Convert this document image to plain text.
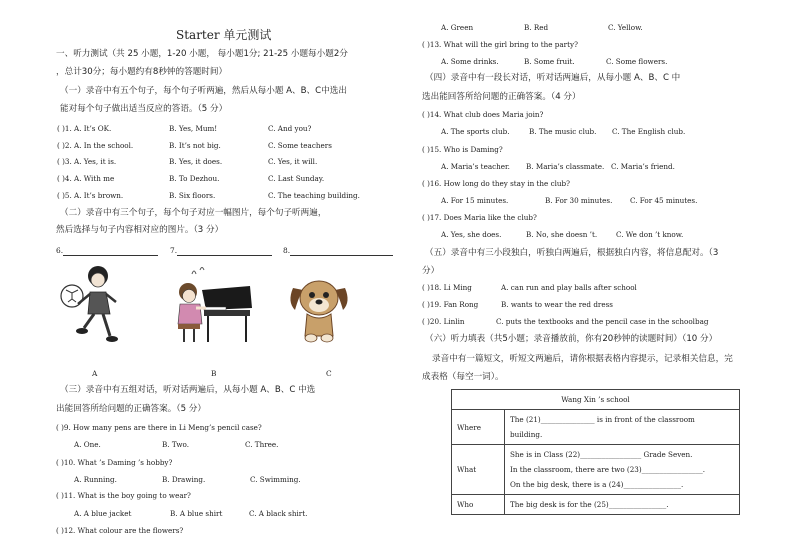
Starter 单元测试
一、听力测试（共 25 小题，1-20 小题， 每小题1分; 21-25 小题每小题2分
，总计30分；每小题约有8秒钟的答题时间）
（一）录音中有五个句子，每个句子听两遍，然后从每小题 A、B、C中选出
能对每个句子做出适当反应的答语。（5 分）
( )1. A. It’s OK.	B. Yes, Mum!	C. And you?
( )2. A. In the school.	B. It’s not big.	C. Some teachers
( )3. A. Yes, it is.	B. Yes, it does.	C. Yes, it will.
( )4. A. With me	B. To Dezhou.	C. Last Sunday.
( )5. A. It’s brown.	B. Six floors.	C. The teaching building.
（二）录音中有三个句子，每个句子对应一幅图片，每个句子听两遍，
然后选择与句子内容相对应的图片。（3 分）
6.	7.	8.
A	B	C
（三）录音中有五组对话，听对话两遍后，从每小题 A、B、C 中选
出能回答所给问题的正确答案。（5 分）
( )9. How many pens are there in Li Meng’s pencil case?
A. One.	B. Two.	C. Three.
( )10. What ’s Daming ’s hobby?
A. Running.	B. Drawing.	C. Swimming.
( )11. What is the boy going to wear?
A. A blue jacket	B. A blue shirt	C. A black shirt.
( )12. What colour are the flowers?
A. Green	B. Red	C. Yellow.
( )13. What will the girl bring to the party?
A. Some drinks.	B. Some fruit.	C. Some flowers.
（四）录音中有一段长对话，听对话两遍后，从每小题 A、B、C 中
选出能回答所给问题的正确答案。（4 分）
( )14. What club does Maria join?
A. The sports club.	B. The music club. C. The English club.
( )15. Who is Daming?
A. Maria’s teacher. B. Maria’s classmate. C. Maria’s friend.
( )16. How long do they stay in the club?
A. For 15 minutes.	B. For 30 minutes. C. For 45 minutes.
( )17. Does Maria like the club?
A. Yes, she does.	B. No, she doesn ’t.	C. We don ’t know.
（五）录音中有三小段独白，听独白两遍后，根据独白内容，将信息配对。（3
分）
( )18. Li Ming	A. can run and play balls after school
( )19. Fan Rong	B. wants to wear the red dress
( )20. Linlin	C. puts the textbooks and the pencil case in the schoolbag
（六）听力填表（共5小题；录音播放前，你有20秒钟的读题时间）（10 分）
录音中有一篇短文，听短文两遍后，请你根据表格内容提示，记录相关信息，完
成表格（每空一词）。
Wang Xin ’s school	
Where	The (21)_______________ is in front of the classroom
building.

What	She is in Class (22)_________________ Grade Seven.
In the classroom, there are two (23)_________________.
On the big desk, there is a (24)________________.

Who	The big desk is for the (25)________________.
